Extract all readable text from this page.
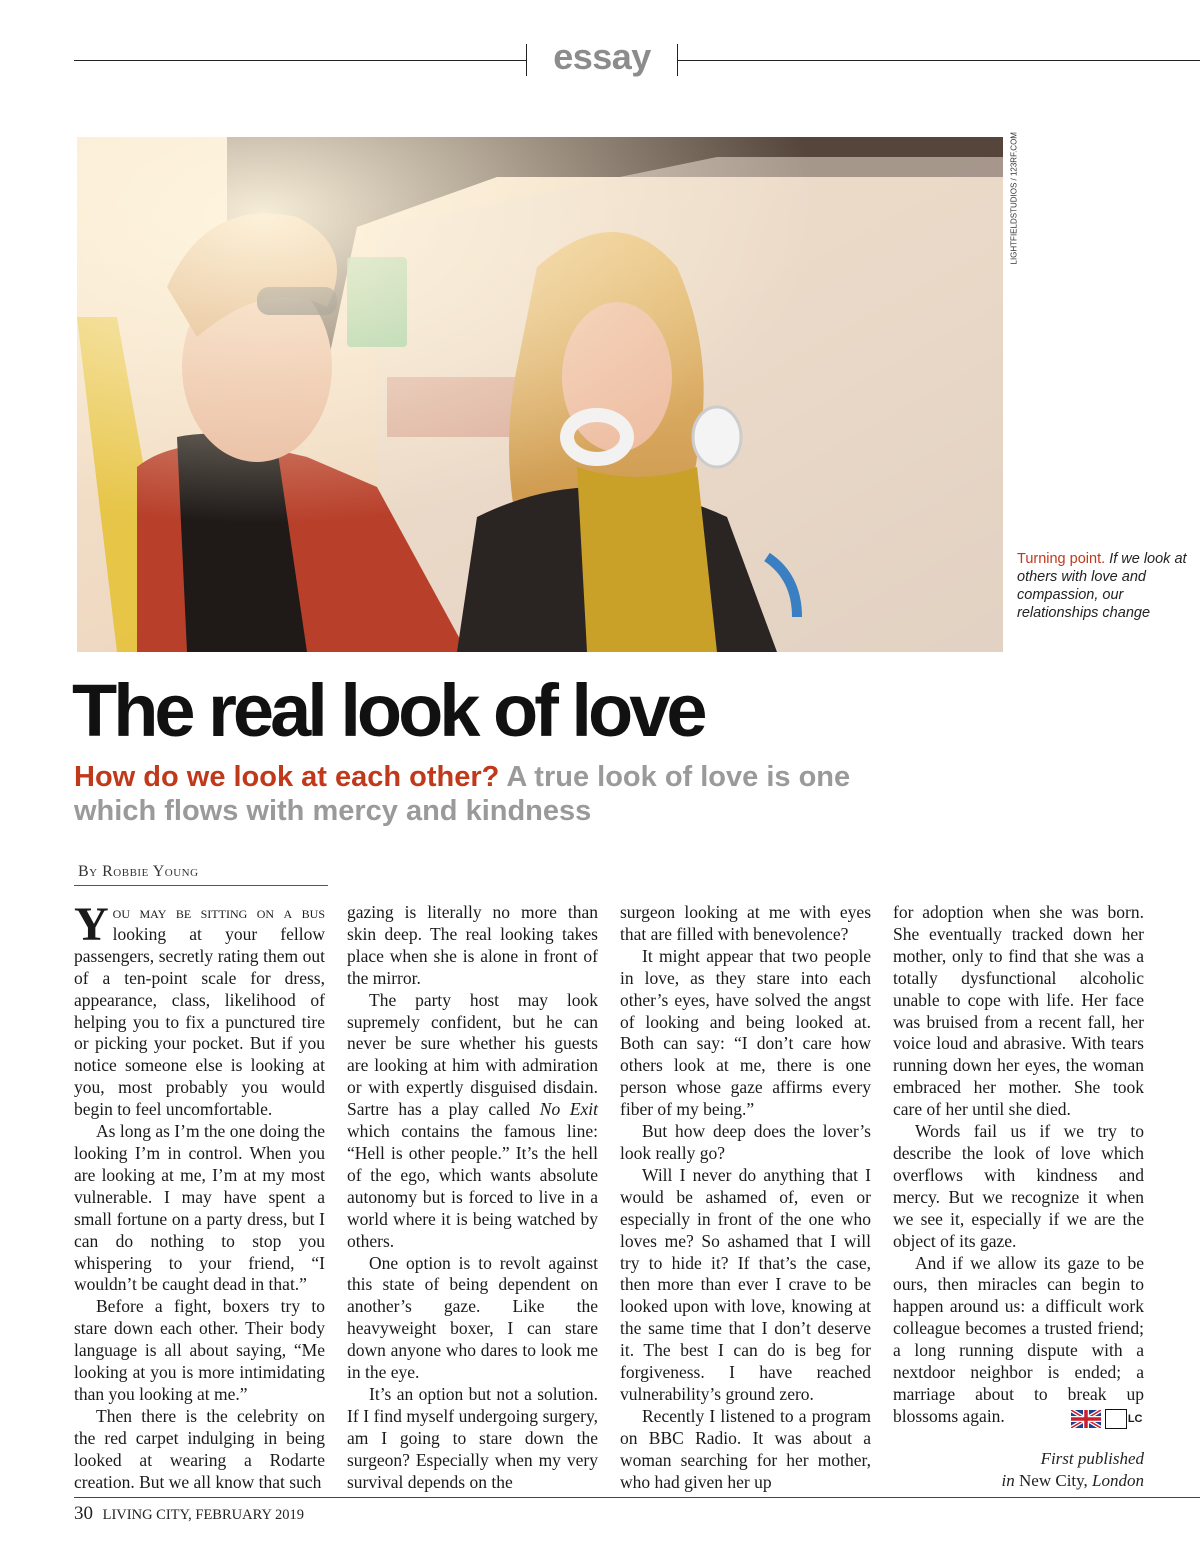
essay
LIGHTFIELDSTUDIOS / 123RF.COM
Turning point. If we look at others with love and compassion, our relationships change
The real look of love
How do we look at each other? A true look of love is one which flows with mercy and kindness
By Robbie Young

You may be sitting on a bus looking at your fellow passengers, secretly rating them out of a ten-point scale for dress, appearance, class, likelihood of helping you to fix a punctured tire or picking your pocket. But if you notice someone else is looking at you, most probably you would begin to feel uncomfortable.

As long as I’m the one doing the looking I’m in control. When you are looking at me, I’m at my most vulnerable. I may have spent a small fortune on a party dress, but I can do nothing to stop you whispering to your friend, “I wouldn’t be caught dead in that.”

Before a fight, boxers try to stare down each other. Their body language is all about saying, “Me looking at you is more intimidating than you looking at me.”

Then there is the celebrity on the red carpet indulging in being looked at wearing a Rodarte creation. But we all know that such

gazing is literally no more than skin deep. The real looking takes place when she is alone in front of the mirror.

The party host may look supremely confident, but he can never be sure whether his guests are looking at him with admiration or with expertly disguised disdain. Sartre has a play called No Exit which contains the famous line: “Hell is other people.” It’s the hell of the ego, which wants absolute autonomy but is forced to live in a world where it is being watched by others.

One option is to revolt against this state of being dependent on another’s gaze. Like the heavyweight boxer, I can stare down anyone who dares to look me in the eye.

It’s an option but not a solution. If I find myself undergoing surgery, am I going to stare down the surgeon? Especially when my very survival depends on the

surgeon looking at me with eyes that are filled with benevolence?

It might appear that two people in love, as they stare into each other’s eyes, have solved the angst of looking and being looked at. Both can say: “I don’t care how others look at me, there is one person whose gaze affirms every fiber of my being.”

But how deep does the lover’s look really go?

Will I never do anything that I would be ashamed of, even or especially in front of the one who loves me? So ashamed that I will try to hide it? If that’s the case, then more than ever I crave to be looked upon with love, knowing at the same time that I don’t deserve it. The best I can do is beg for forgiveness. I have reached vulnerability’s ground zero.

Recently I listened to a program on BBC Radio. It was about a woman searching for her mother, who had given her up

for adoption when she was born. She eventually tracked down her mother, only to find that she was a totally dysfunctional alcoholic unable to cope with life. Her face was bruised from a recent fall, her voice loud and abrasive. With tears running down her eyes, the woman embraced her mother. She took care of her until she died.

Words fail us if we try to describe the look of love which overflows with kindness and mercy. But we recognize it when we see it, especially if we are the object of its gaze.

And if we allow its gaze to be ours, then miracles can begin to happen around us: a difficult work colleague becomes a trusted friend; a long running dispute with a nextdoor neighbor is ended; a marriage about to break up blossoms again.	LC

First published
in New City, London
30 LIVING CITY, FEBRUARY 2019
